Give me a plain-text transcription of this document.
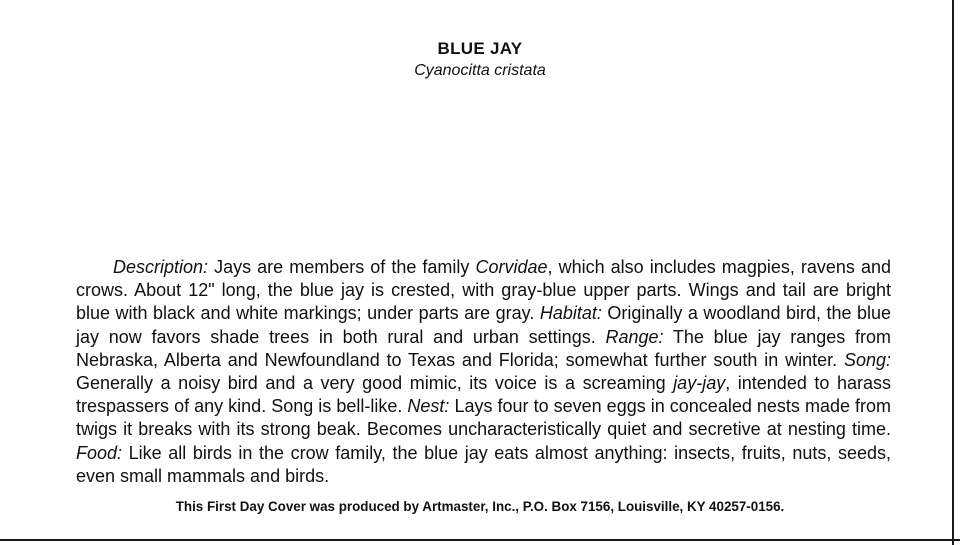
BLUE JAY

Cyanocitta cristata

Description: Jays are members of the family Corvidae, which also includes magpies, ravens and crows. About 12" long, the blue jay is crested, with gray-blue upper parts. Wings and tail are bright blue with black and white markings; under parts are gray. Habitat: Originally a woodland bird, the blue jay now favors shade trees in both rural and urban settings. Range: The blue jay ranges from Nebraska, Alberta and Newfoundland to Texas and Florida; somewhat further south in winter. Song: Generally a noisy bird and a very good mimic, its voice is a screaming jay-jay, intended to harass trespassers of any kind. Song is bell-like. Nest: Lays four to seven eggs in concealed nests made from twigs it breaks with its strong beak. Becomes uncharacteristically quiet and secretive at nesting time. Food: Like all birds in the crow family, the blue jay eats almost anything: insects, fruits, nuts, seeds, even small mammals and birds.

This First Day Cover was produced by Artmaster, Inc., P.O. Box 7156, Louisville, KY 40257-0156.
